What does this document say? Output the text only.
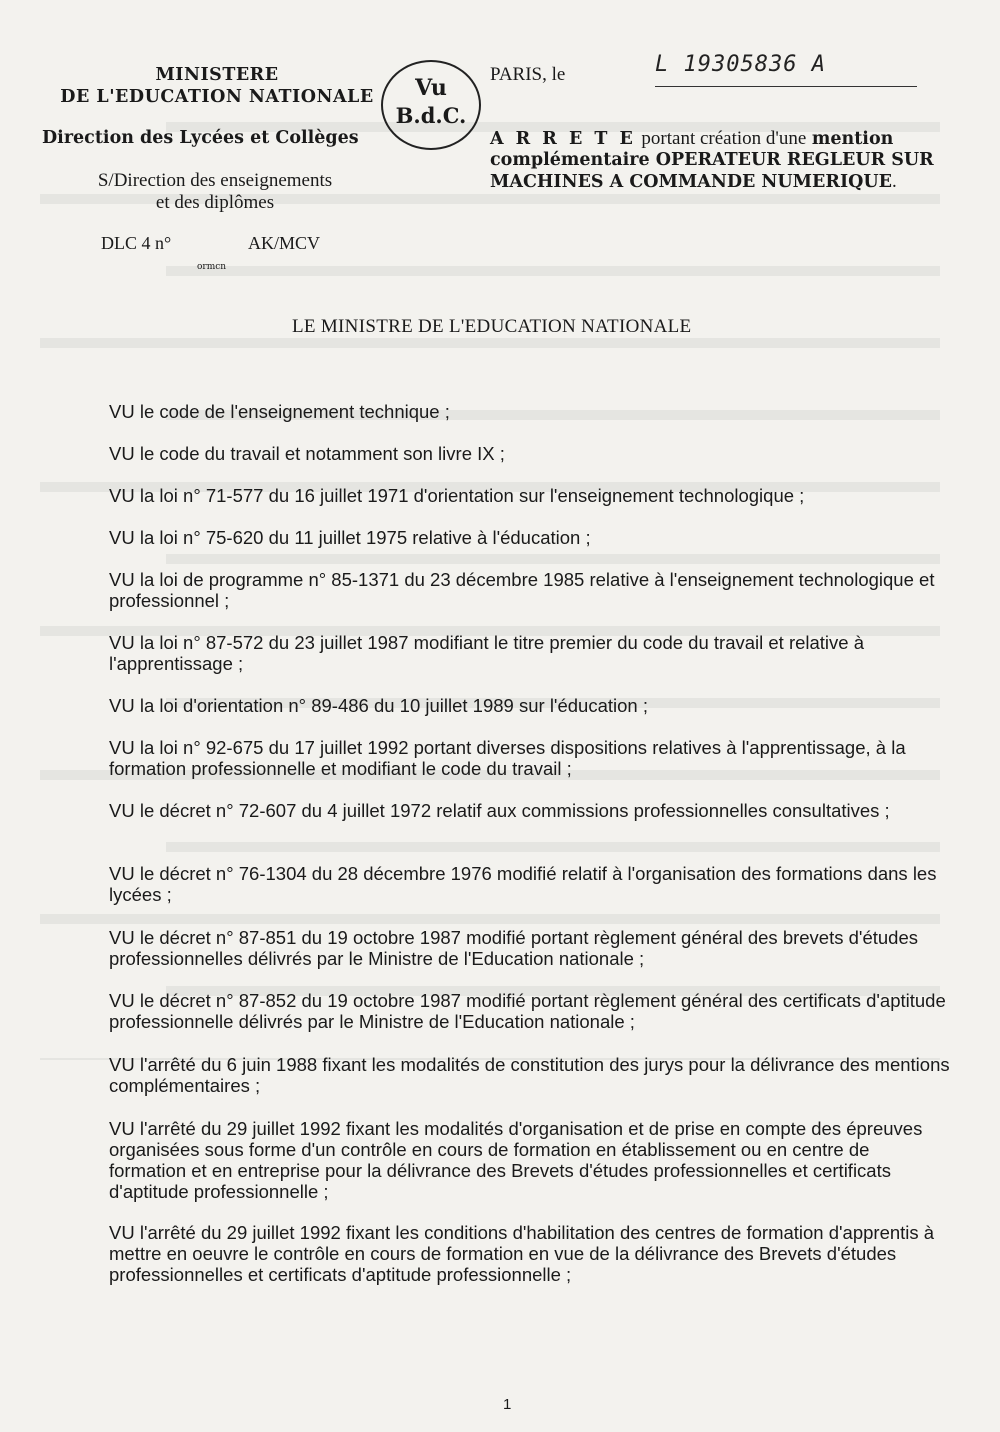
MINISTERE
DE L'EDUCATION NATIONALE
Direction des Lycées et Collèges
S/Direction des enseignements
et des diplômes
DLC 4 n°	AK/MCV
ormcn
Vu
B.d.C.
PARIS, le	L 19305836 A
A R R E T E portant création d'une mention complémentaire OPERATEUR REGLEUR SUR MACHINES A COMMANDE NUMERIQUE.
LE MINISTRE DE L'EDUCATION NATIONALE
VU le code de l'enseignement technique ;
VU le code du travail et notamment son livre IX ;
VU la loi n° 71-577 du 16 juillet 1971 d'orientation sur l'enseignement technologique ;
VU la loi n° 75-620 du 11 juillet 1975 relative à l'éducation ;
VU la loi de programme n° 85-1371 du 23 décembre 1985 relative à l'enseignement technologique et professionnel ;
VU la loi n° 87-572 du 23 juillet 1987 modifiant le titre premier du code du travail et relative à l'apprentissage ;
VU la loi d'orientation n° 89-486 du 10 juillet 1989 sur l'éducation ;
VU la loi n° 92-675 du 17 juillet 1992 portant diverses dispositions relatives à l'apprentissage, à la formation professionnelle et modifiant le code du travail ;
VU le décret n° 72-607 du 4 juillet 1972 relatif aux commissions professionnelles consultatives ;
VU le décret n° 76-1304 du 28 décembre 1976 modifié relatif à l'organisation des formations dans les lycées ;
VU le décret n° 87-851 du 19 octobre 1987 modifié portant règlement général des brevets d'études professionnelles délivrés par le Ministre de l'Education nationale ;
VU le décret n° 87-852 du 19 octobre 1987 modifié portant règlement général des certificats d'aptitude professionnelle délivrés par le Ministre de l'Education nationale ;
VU l'arrêté du 6 juin 1988 fixant les modalités de constitution des jurys pour la délivrance des mentions complémentaires ;
VU l'arrêté du 29 juillet 1992 fixant les modalités d'organisation et de prise en compte des épreuves organisées sous forme d'un contrôle en cours de formation en établissement ou en centre de formation et en entreprise pour la délivrance des Brevets d'études professionnelles et certificats d'aptitude professionnelle ;
VU l'arrêté du 29 juillet 1992 fixant les conditions d'habilitation des centres de formation d'apprentis à mettre en oeuvre le contrôle en cours de formation en vue de la délivrance des Brevets d'études professionnelles et certificats d'aptitude professionnelle ;
1
